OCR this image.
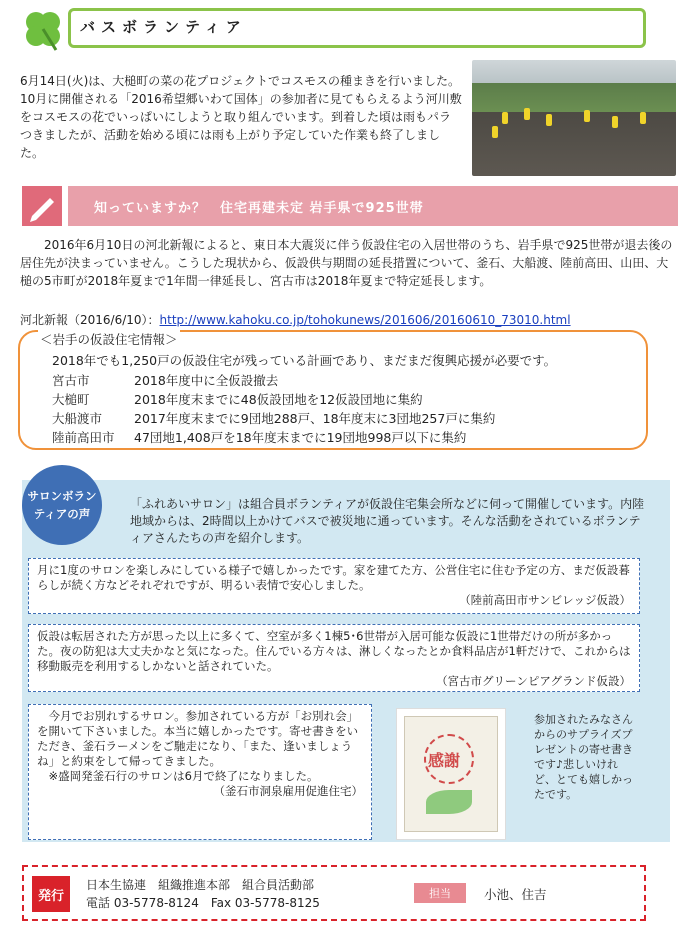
バスボランティア
6月14日(火)は、大槌町の菜の花プロジェクトでコスモスの種まきを行いました。10月に開催される「2016希望郷いわて国体」の参加者に見てもらえるよう河川敷をコスモスの花でいっぱいにしようと取り組んでいます。到着した頃は雨もパラつきましたが、活動を始める頃には雨も上がり予定していた作業も終了しました。
知っていますか？　住宅再建未定 岩手県で925世帯
2016年6月10日の河北新報によると、東日本大震災に伴う仮設住宅の入居世帯のうち、岩手県で925世帯が退去後の居住先が決まっていません。こうした現状から、仮設供与期間の延長措置について、釜石、大船渡、陸前高田、山田、大槌の5市町が2018年夏まで1年間一律延長し、宮古市は2018年夏まで特定延長します。
河北新報（2016/6/10）：http://www.kahoku.co.jp/tohokunews/201606/20160610_73010.html
＜岩手の仮設住宅情報＞
2018年でも1,250戸の仮設住宅が残っている計画であり、まだまだ復興応援が必要です。
宮古市	2018年度中に全仮設撤去
大槌町	2018年度末までに48仮設団地を12仮設団地に集約
大船渡市	2017年度末までに9団地288戸、18年度末に3団地257戸に集約
陸前高田市 47団地1,408戸を18年度末までに19団地998戸以下に集約
サロンボラン
ティアの声
「ふれあいサロン」は組合員ボランティアが仮設住宅集会所などに伺って開催しています。内陸地域からは、2時間以上かけてバスで被災地に通っています。そんな活動をされているボランティアさんたちの声を紹介します。
月に1度のサロンを楽しみにしている様子で嬉しかったです。家を建てた方、公営住宅に住む予定の方、まだ仮設暮らしが続く方などそれぞれですが、明るい表情で安心しました。
（陸前高田市サンビレッジ仮設）
仮設は転居された方が思った以上に多くて、空室が多く1棟5･6世帯が入居可能な仮設に1世帯だけの所が多かった。夜の防犯は大丈夫かなと気になった。住んでいる方々は、淋しくなったとか食料品店が1軒だけで、これからは移動販売を利用するしかないと話されていた。
（宮古市グリーンピアグランド仮設）
今月でお別れするサロン。参加されている方が「お別れ会」を開いて下さいました。本当に嬉しかったです。寄せ書きをいただき、釜石ラーメンをご馳走になり、「また、逢いましょうね」と約束をして帰ってきました。
※盛岡発釜石行のサロンは6月で終了になりました。
（釜石市洞泉雇用促進住宅）
感謝
参加されたみなさんからのサプライズプレゼントの寄せ書きです♪悲しいけれど、とても嬉しかったです。
発行
日本生協連　組織推進本部　組合員活動部
電話 03-5778-8124　Fax 03-5778-8125
担当	小池、住吉
